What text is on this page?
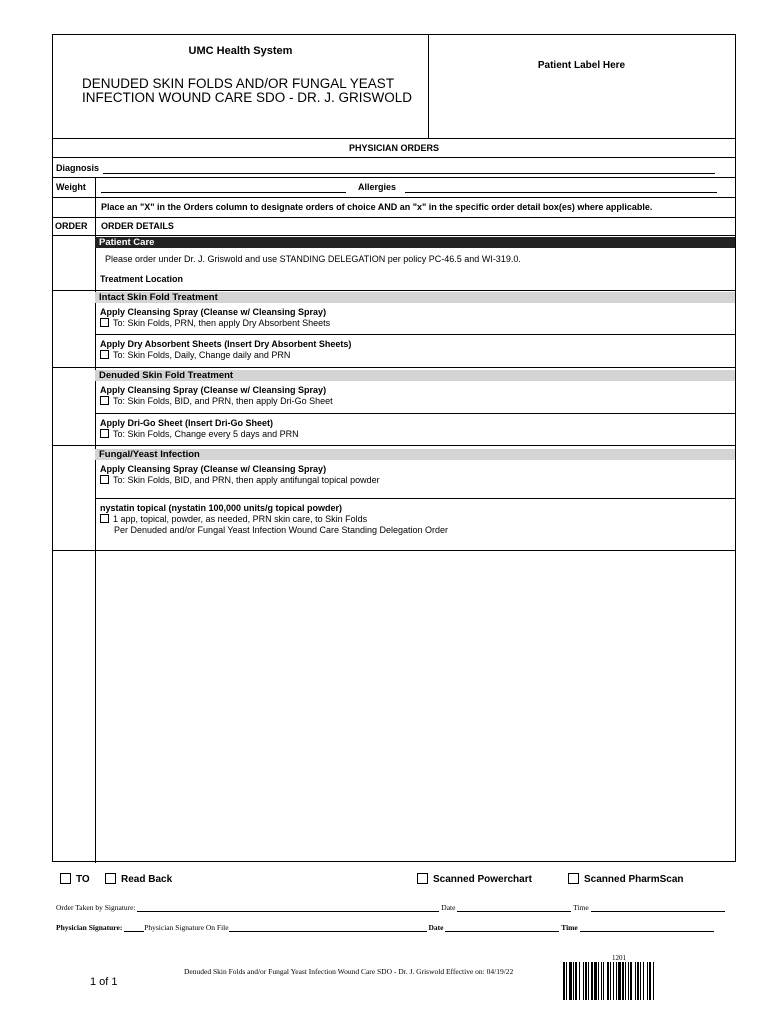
UMC Health System
DENUDED SKIN FOLDS AND/OR FUNGAL YEAST
INFECTION WOUND CARE SDO - DR. J. GRISWOLD
Patient Label Here
PHYSICIAN ORDERS
Diagnosis
Weight	Allergies
Place an "X" in the Orders column to designate orders of choice AND an "x" in the specific order detail box(es) where applicable.
ORDER ORDER DETAILS
Patient Care
Please order under Dr. J. Griswold and use STANDING DELEGATION per policy PC-46.5 and WI-319.0.
Treatment Location
Intact Skin Fold Treatment
Apply Cleansing Spray (Cleanse w/ Cleansing Spray)
To: Skin Folds, PRN, then apply Dry Absorbent Sheets
Apply Dry Absorbent Sheets (Insert Dry Absorbent Sheets)
To: Skin Folds, Daily, Change daily and PRN
Denuded Skin Fold Treatment
Apply Cleansing Spray (Cleanse w/ Cleansing Spray)
To: Skin Folds, BID, and PRN, then apply Dri-Go Sheet
Apply Dri-Go Sheet (Insert Dri-Go Sheet)
To: Skin Folds, Change every 5 days and PRN
Fungal/Yeast Infection
Apply Cleansing Spray (Cleanse w/ Cleansing Spray)
To: Skin Folds, BID, and PRN, then apply antifungal topical powder
nystatin topical (nystatin 100,000 units/g topical powder)
1 app, topical, powder, as needed, PRN skin care, to Skin Folds
Per Denuded and/or Fungal Yeast Infection Wound Care Standing Delegation Order
TO	Read Back	Scanned Powerchart	Scanned PharmScan
Order Taken by Signature:	Date	Time
Physician Signature:	Physician Signature On File	Date	Time
1201
Denuded Skin Folds and/or Fungal Yeast Infection Wound Care SDO - Dr. J. Griswold Effective on: 04/19/22
1 of 1
